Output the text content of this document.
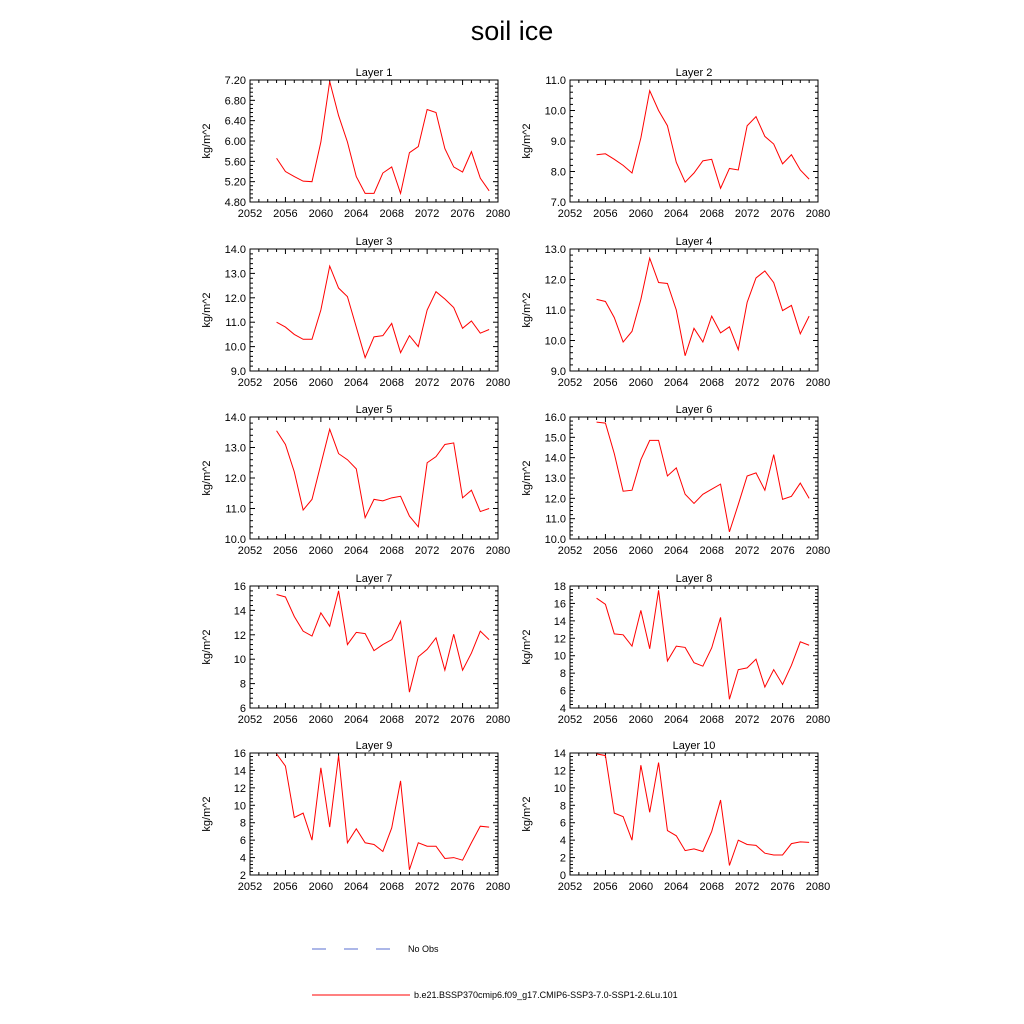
soil ice
Layer 1
kg/m^2
2052 2056 2060 2064 2068 2072 2076 2080
4.80
5.20
5.60
6.00
6.40
6.80
7.20
Layer 2
kg/m^2
2052 2056 2060 2064 2068 2072 2076 2080
7.0
8.0
9.0
10.0
11.0
Layer 3
kg/m^2
2052 2056 2060 2064 2068 2072 2076 2080
9.0
10.0
11.0
12.0
13.0
14.0
Layer 4
kg/m^2
2052 2056 2060 2064 2068 2072 2076 2080
9.0
10.0
11.0
12.0
13.0
Layer 5
kg/m^2
2052 2056 2060 2064 2068 2072 2076 2080
10.0
11.0
12.0
13.0
14.0
Layer 6
kg/m^2
2052 2056 2060 2064 2068 2072 2076 2080
10.0
11.0
12.0
13.0
14.0
15.0
16.0
Layer 7
kg/m^2
2052 2056 2060 2064 2068 2072 2076 2080
6
8
10
12
14
16
Layer 8
kg/m^2
2052 2056 2060 2064 2068 2072 2076 2080
4
6
8
10
12
14
16
18
Layer 9
kg/m^2
2052 2056 2060 2064 2068 2072 2076 2080
2
4
6
8
10
12
14
16
Layer 10
kg/m^2
2052 2056 2060 2064 2068 2072 2076 2080
0
2
4
6
8
10
12
14
No Obs
b.e21.BSSP370cmip6.f09_g17.CMIP6-SSP3-7.0-SSP1-2.6Lu.101
